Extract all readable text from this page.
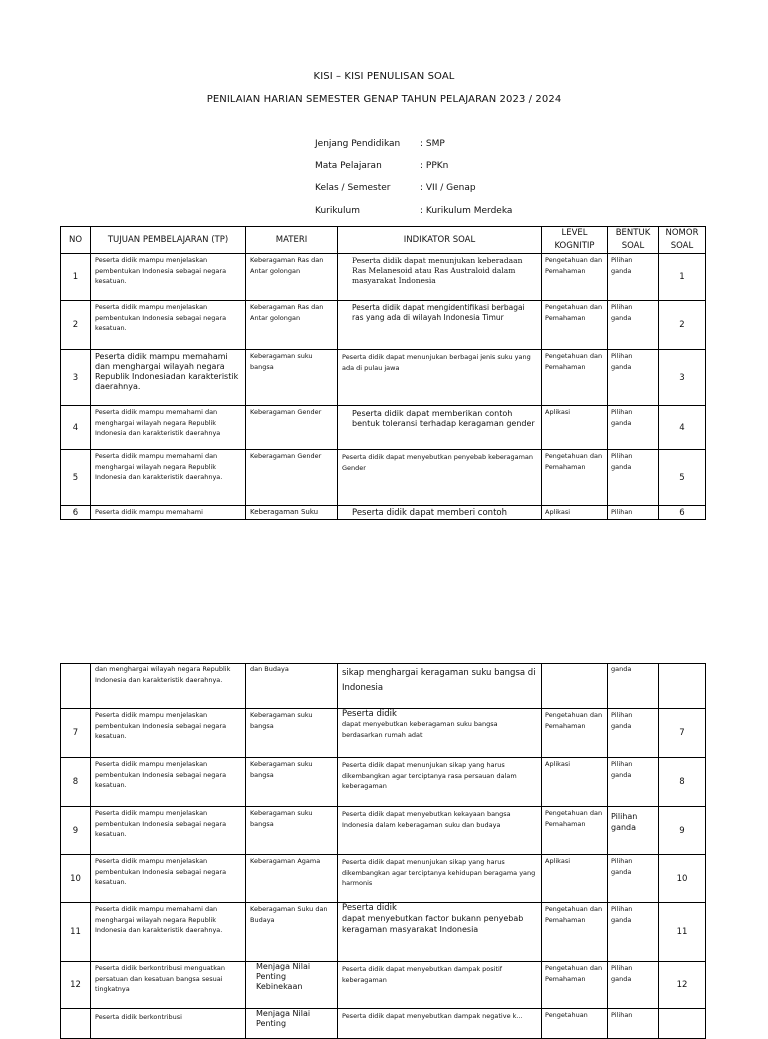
KISI – KISI PENULISAN SOAL
PENILAIAN HARIAN SEMESTER GENAP TAHUN PELAJARAN 2023 / 2024
Jenjang Pendidikan : SMP
Mata Pelajaran	: PPKn
Kelas / Semester	: VII / Genap
Kurikulum	: Kurikulum Merdeka
NO	TUJUAN PEMBELAJARAN (TP)	MATERI	INDIKATOR SOAL	LEVEL KOGNITIP	BENTUK SOAL	NOMOR SOAL
1	Peserta didik mampu menjelaskan pembentukan Indonesia sebagai negara kesatuan.	Keberagaman Ras dan Antar golongan	Peserta didik dapat menunjukan keberadaan Ras Melanesoid atau Ras Australoid dalam masyarakat Indonesia	Pengetahuan dan Pemahaman	Pilihan ganda	1
2	Peserta didik mampu menjelaskan pembentukan Indonesia sebagai negara kesatuan.	Keberagaman Ras dan Antar golongan	Peserta didik dapat mengidentifikasi berbagai ras yang ada di wilayah Indonesia Timur	Pengetahuan dan Pemahaman	Pilihan ganda	2
3	Peserta didik mampu memahami dan menghargai wilayah negara Republik Indonesiadan karakteristik daerahnya.	Keberagaman suku bangsa	Peserta didik dapat menunjukan berbagai jenis suku yang ada di pulau jawa	Pengetahuan dan Pemahaman	Pilihan ganda	3
4	Peserta didik mampu memahami dan menghargai wilayah negara Republik Indonesia dan karakteristik daerahnya	Keberagaman Gender	Peserta didik dapat memberikan contoh bentuk toleransi terhadap keragaman gender	Aplikasi	Pilihan ganda	4
5	Peserta didik mampu memahami dan menghargai wilayah negara Republik Indonesia dan karakteristik daerahnya.	Keberagaman Gender	Peserta didik dapat menyebutkan penyebab keberagaman Gender	Pengetahuan dan Pemahaman	Pilihan ganda	5
6	Peserta didik mampu memahami	Keberagaman Suku	Peserta didik dapat memberi contoh	Aplikasi	Pilihan	6

	dan menghargai wilayah negara Republik Indonesia dan karakteristik daerahnya.	dan Budaya	sikap menghargai keragaman suku bangsa di Indonesia		ganda	

7	Peserta didik mampu menjelaskan pembentukan Indonesia sebagai negara kesatuan.	Keberagaman suku bangsa	Peserta didik
dapat menyebutkan keberagaman suku bangsa berdasarkan rumah adat	Pengetahuan dan Pemahaman	Pilihan ganda	7
8	Peserta didik mampu menjelaskan pembentukan Indonesia sebagai negara kesatuan.	Keberagaman suku bangsa	Peserta didik dapat menunjukan sikap yang harus dikembangkan agar terciptanya rasa persauan dalam keberagaman	Aplikasi	Pilihan ganda	8
9	Peserta didik mampu menjelaskan pembentukan Indonesia sebagai negara kesatuan.	Keberagaman suku bangsa	Peserta didik dapat menyebutkan kekayaan bangsa Indonesia dalam keberagaman suku dan budaya	Pengetahuan dan Pemahaman	Pilihan ganda	9
10	Peserta didik mampu menjelaskan pembentukan Indonesia sebagai negara kesatuan.	Keberagaman Agama	Peserta didik dapat menunjukan sikap yang harus dikembangkan agar terciptanya kehidupan beragama yang harmonis	Aplikasi	Pilihan ganda	10
11	Peserta didik mampu memahami dan menghargai wilayah negara Republik Indonesia dan karakteristik daerahnya.	Keberagaman Suku dan Budaya	Peserta didik
dapat menyebutkan factor bukann penyebab keragaman masyarakat Indonesia	Pengetahuan dan Pemahaman	Pilihan ganda	11
12	Peserta didik berkontribusi menguatkan persatuan dan kesatuan bangsa sesuai tingkatnya	Menjaga Nilai Penting Kebinekaan	Peserta didik dapat menyebutkan dampak positif keberagaman	Pengetahuan dan Pemahaman	Pilihan ganda	12

	Peserta didik berkontribusi	Menjaga Nilai Penting	Peserta didik dapat menyebutkan dampak negative k...	Pengetahuan	Pilihan	
